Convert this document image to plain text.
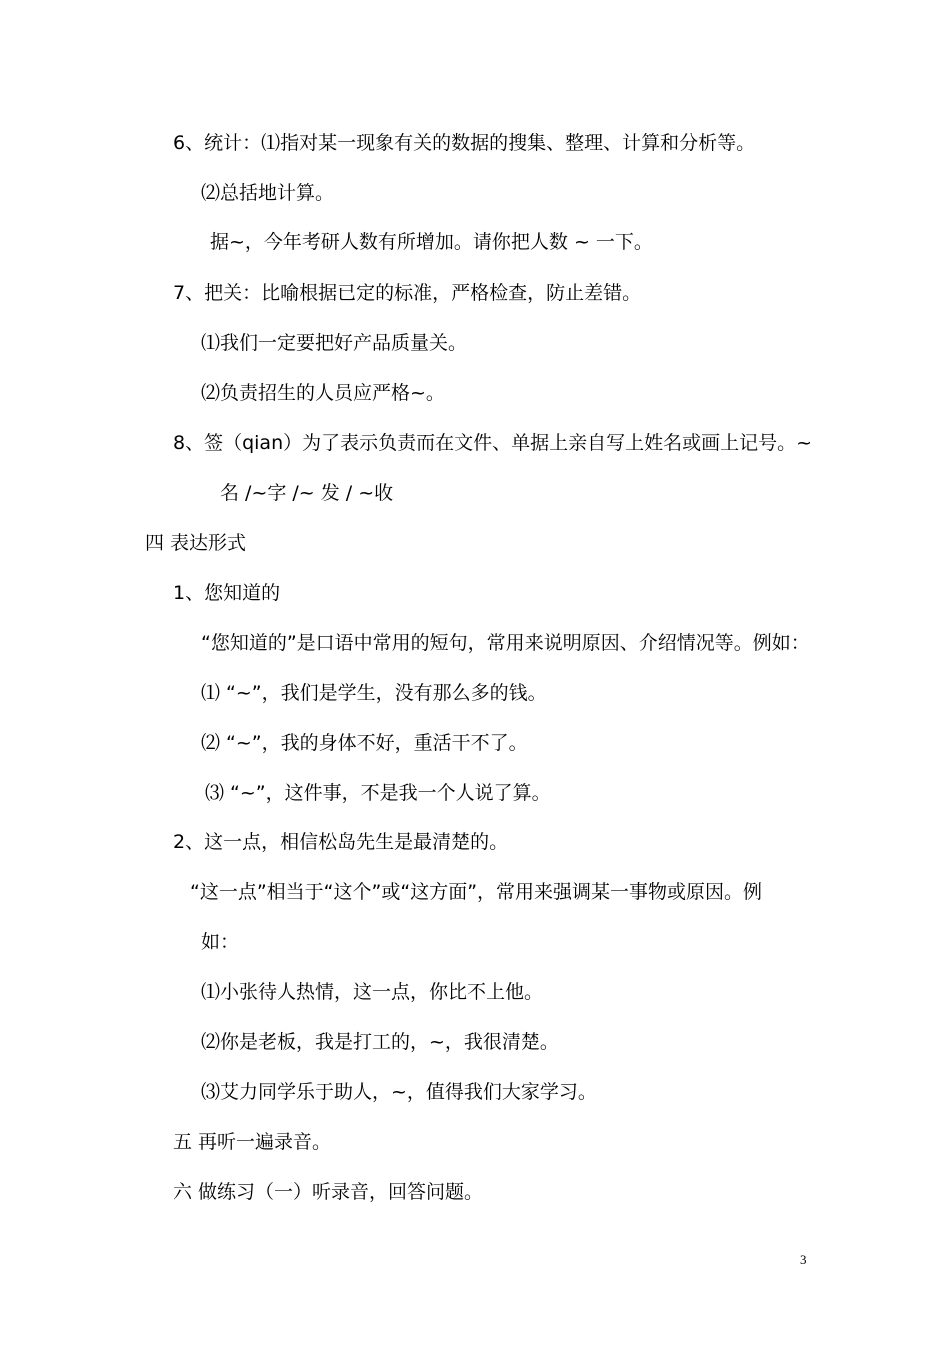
6、统计：⑴指对某一现象有关的数据的搜集、整理、计算和分析等。
⑵总括地计算。
据~，今年考研人数有所增加。请你把人数 ~ 一下。
7、把关：比喻根据已定的标准，严格检查，防止差错。
⑴我们一定要把好产品质量关。
⑵负责招生的人员应严格~。
8、签（qian）为了表示负责而在文件、单据上亲自写上姓名或画上记号。~
名 /~字 /~ 发 / ~收
四 表达形式
1、您知道的
“您知道的”是口语中常用的短句，常用来说明原因、介绍情况等。例如：
⑴ “~”，我们是学生，没有那么多的钱。
⑵ “~”，我的身体不好，重活干不了。
⑶ “~”，这件事，不是我一个人说了算。
2、这一点，相信松岛先生是最清楚的。
“这一点”相当于“这个”或“这方面”，常用来强调某一事物或原因。例
如：
⑴小张待人热情，这一点，你比不上他。
⑵你是老板，我是打工的，~，我很清楚。
⑶艾力同学乐于助人，~，值得我们大家学习。
五 再听一遍录音。
六 做练习（一）听录音，回答问题。
3
